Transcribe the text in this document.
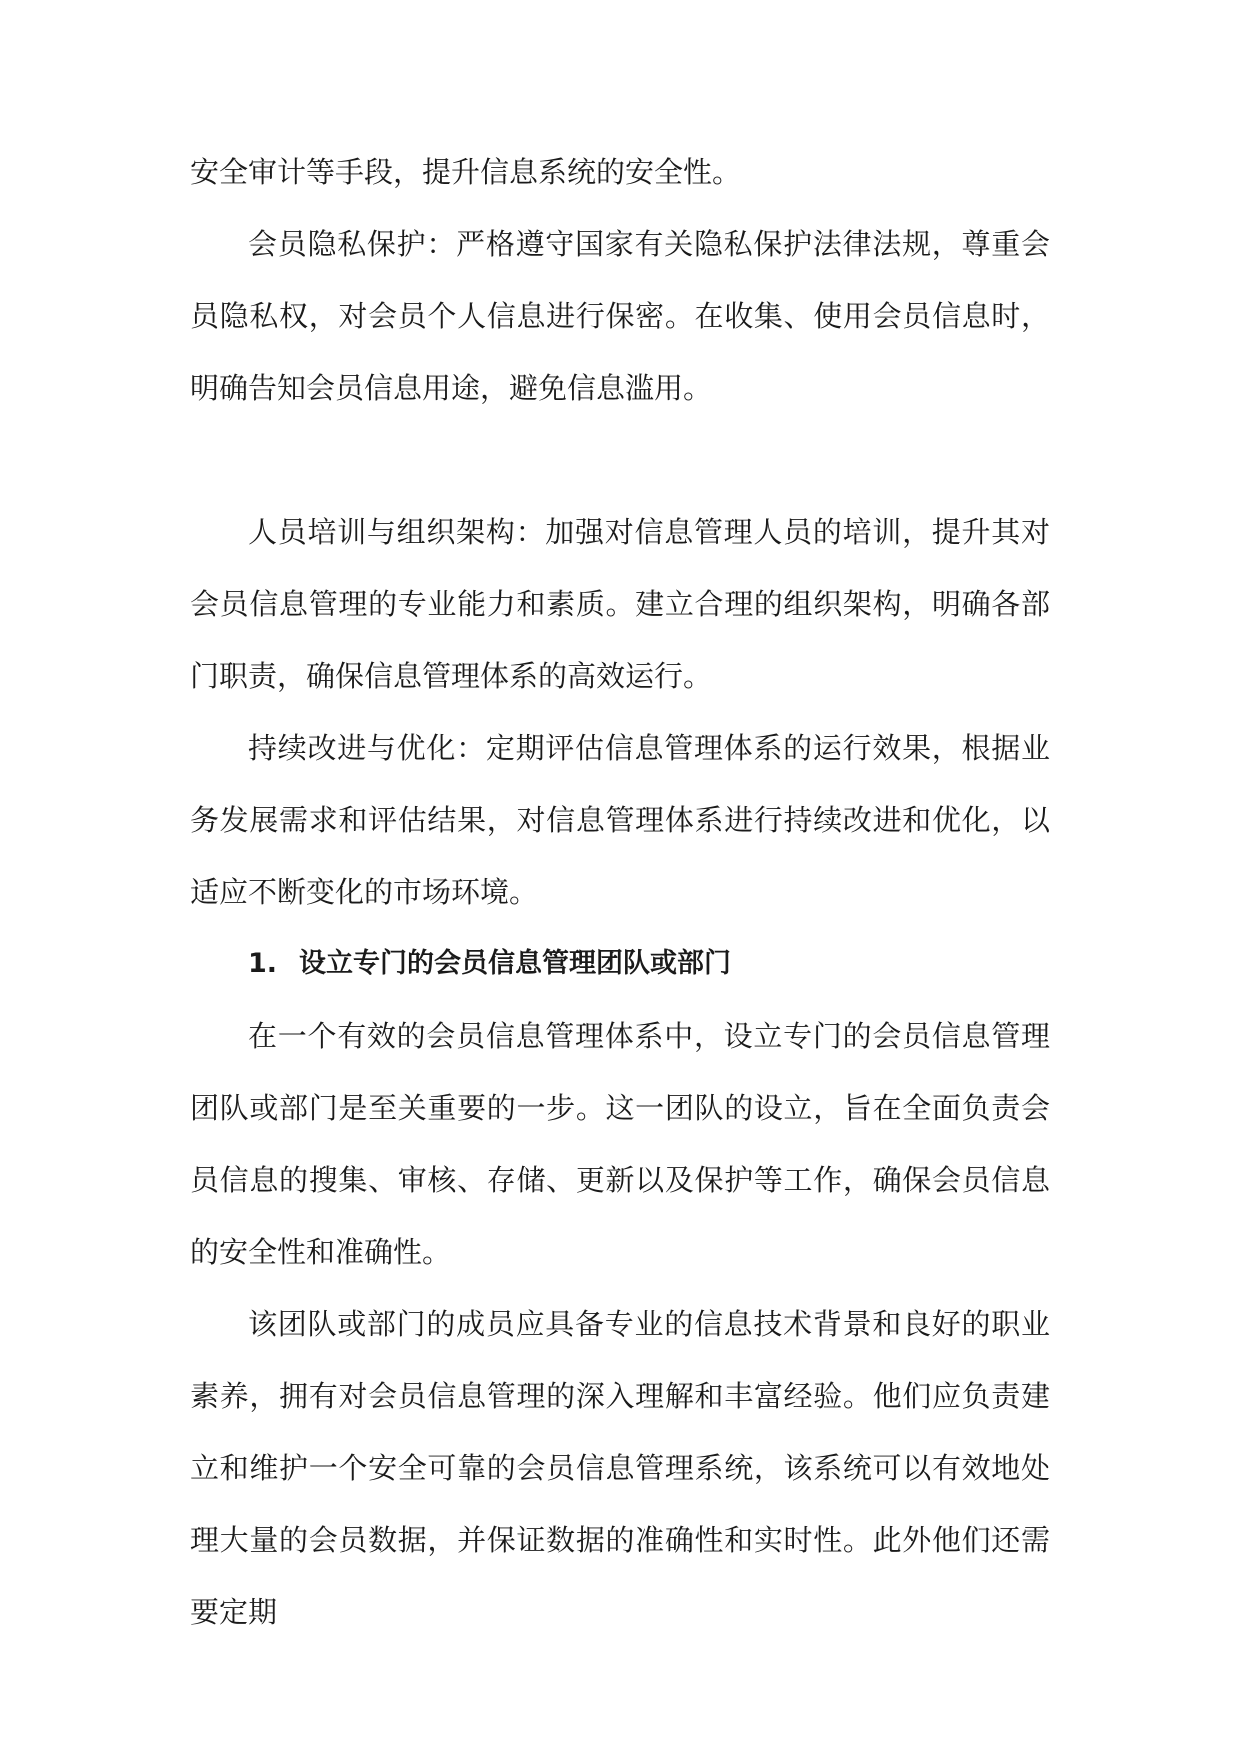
安全审计等手段，提升信息系统的安全性。

会员隐私保护：严格遵守国家有关隐私保护法律法规，尊重会员隐私权，对会员个人信息进行保密。在收集、使用会员信息时，明确告知会员信息用途，避免信息滥用。

人员培训与组织架构：加强对信息管理人员的培训，提升其对会员信息管理的专业能力和素质。建立合理的组织架构，明确各部门职责，确保信息管理体系的高效运行。

持续改进与优化：定期评估信息管理体系的运行效果，根据业务发展需求和评估结果，对信息管理体系进行持续改进和优化，以适应不断变化的市场环境。

1. 设立专门的会员信息管理团队或部门

在一个有效的会员信息管理体系中，设立专门的会员信息管理团队或部门是至关重要的一步。这一团队的设立，旨在全面负责会员信息的搜集、审核、存储、更新以及保护等工作，确保会员信息的安全性和准确性。

该团队或部门的成员应具备专业的信息技术背景和良好的职业素养，拥有对会员信息管理的深入理解和丰富经验。他们应负责建立和维护一个安全可靠的会员信息管理系统，该系统可以有效地处理大量的会员数据，并保证数据的准确性和实时性。此外他们还需要定期
